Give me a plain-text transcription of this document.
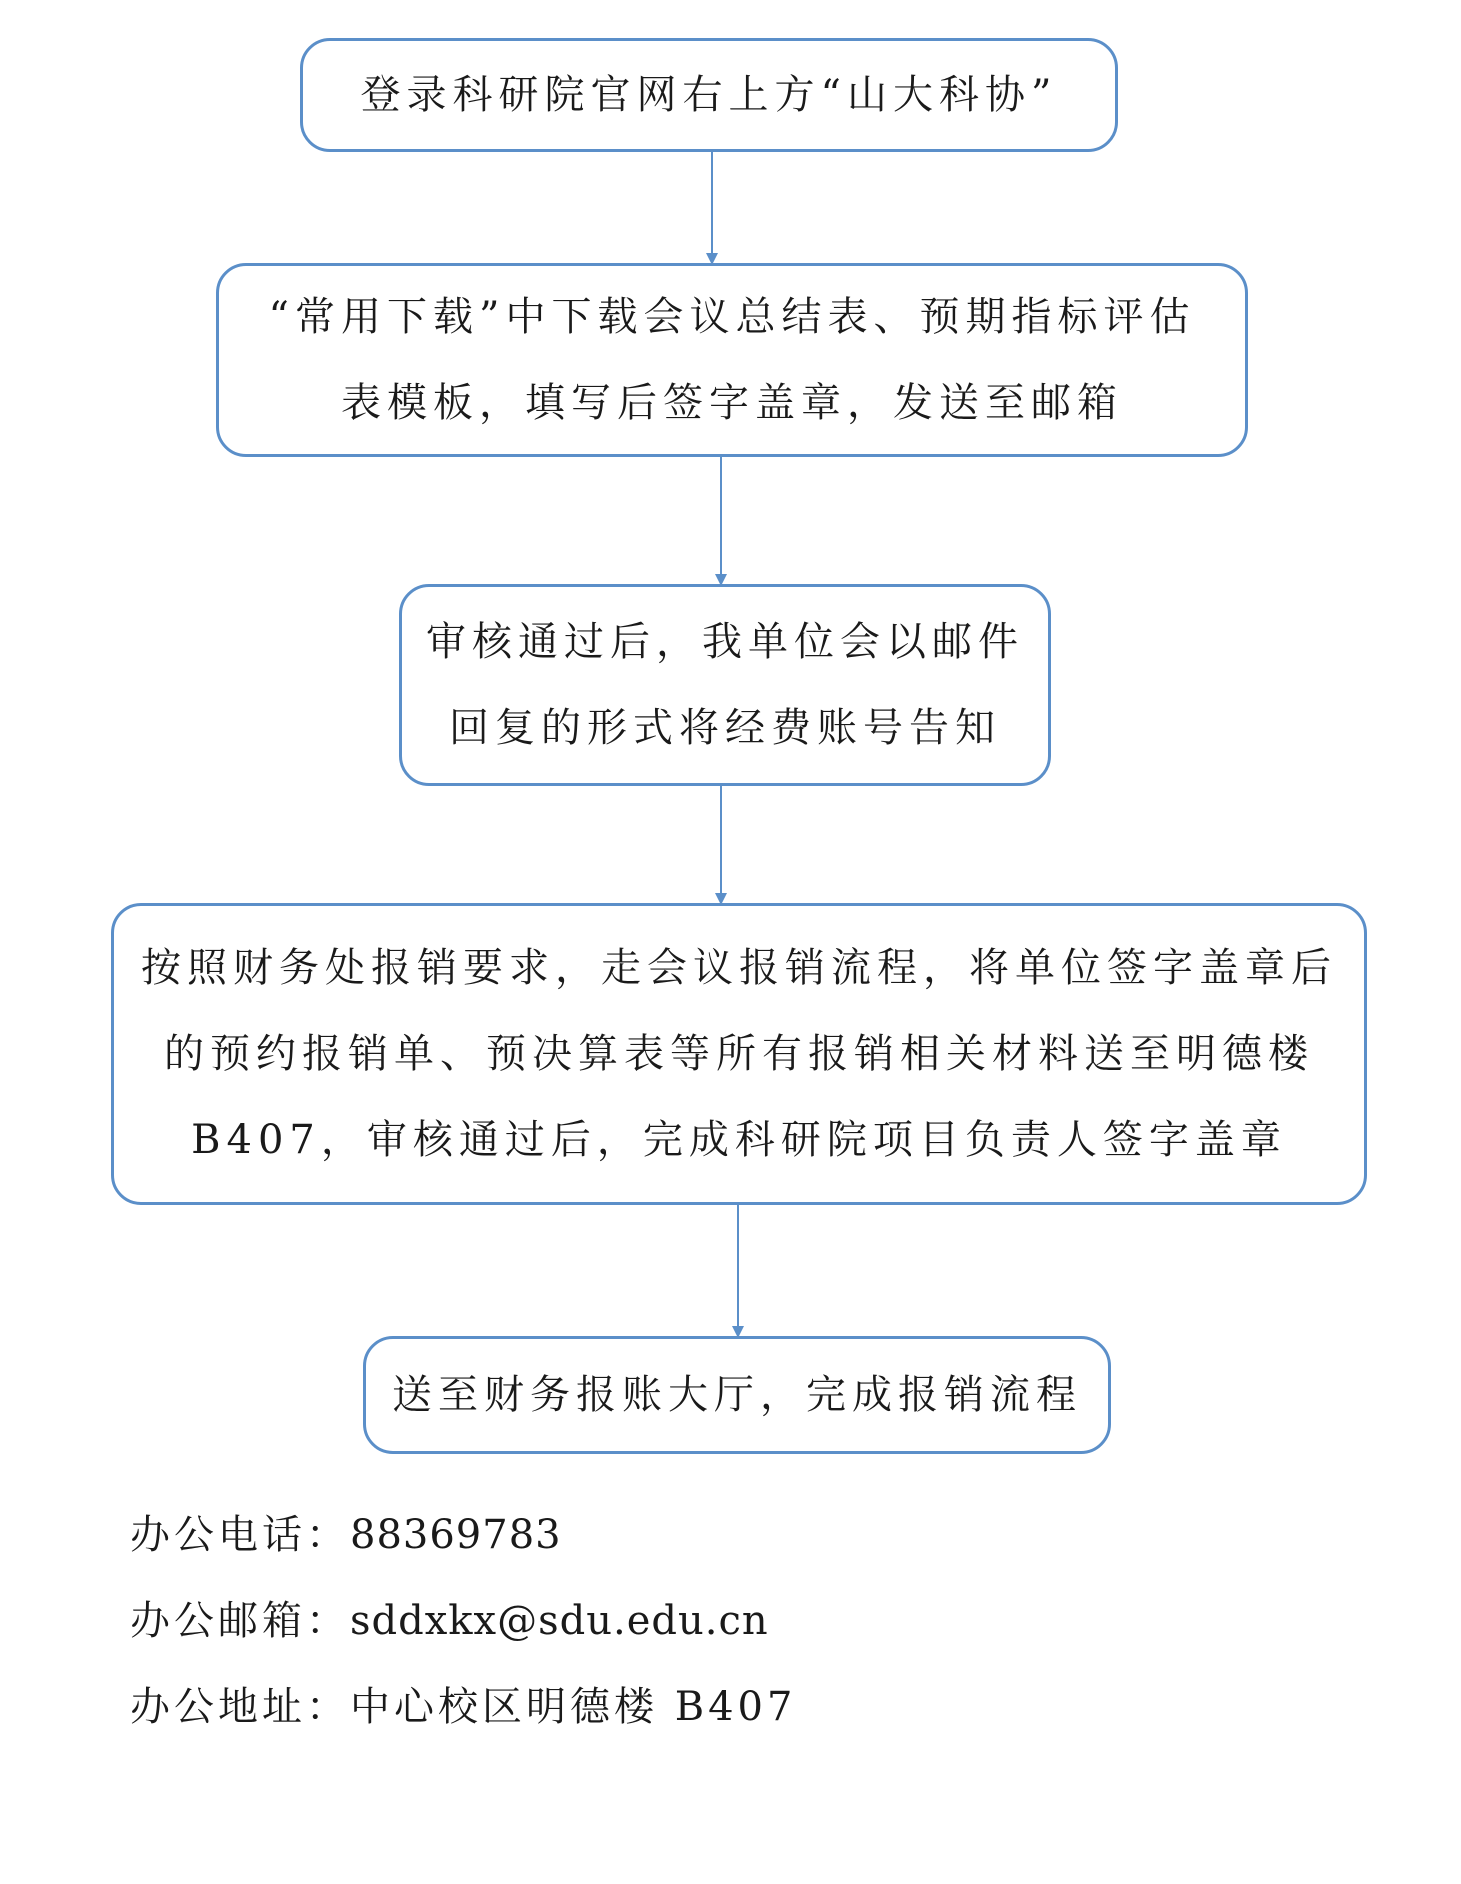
登录科研院官网右上方“山大科协”
“常用下载”中下载会议总结表、预期指标评估
表模板，填写后签字盖章，发送至邮箱
审核通过后，我单位会以邮件
回复的形式将经费账号告知
按照财务处报销要求，走会议报销流程，将单位签字盖章后
的预约报销单、预决算表等所有报销相关材料送至明德楼
B407，审核通过后，完成科研院项目负责人签字盖章
送至财务报账大厅，完成报销流程
办公电话：88369783
办公邮箱：sddxkx@sdu.edu.cn
办公地址：中心校区明德楼 B407
